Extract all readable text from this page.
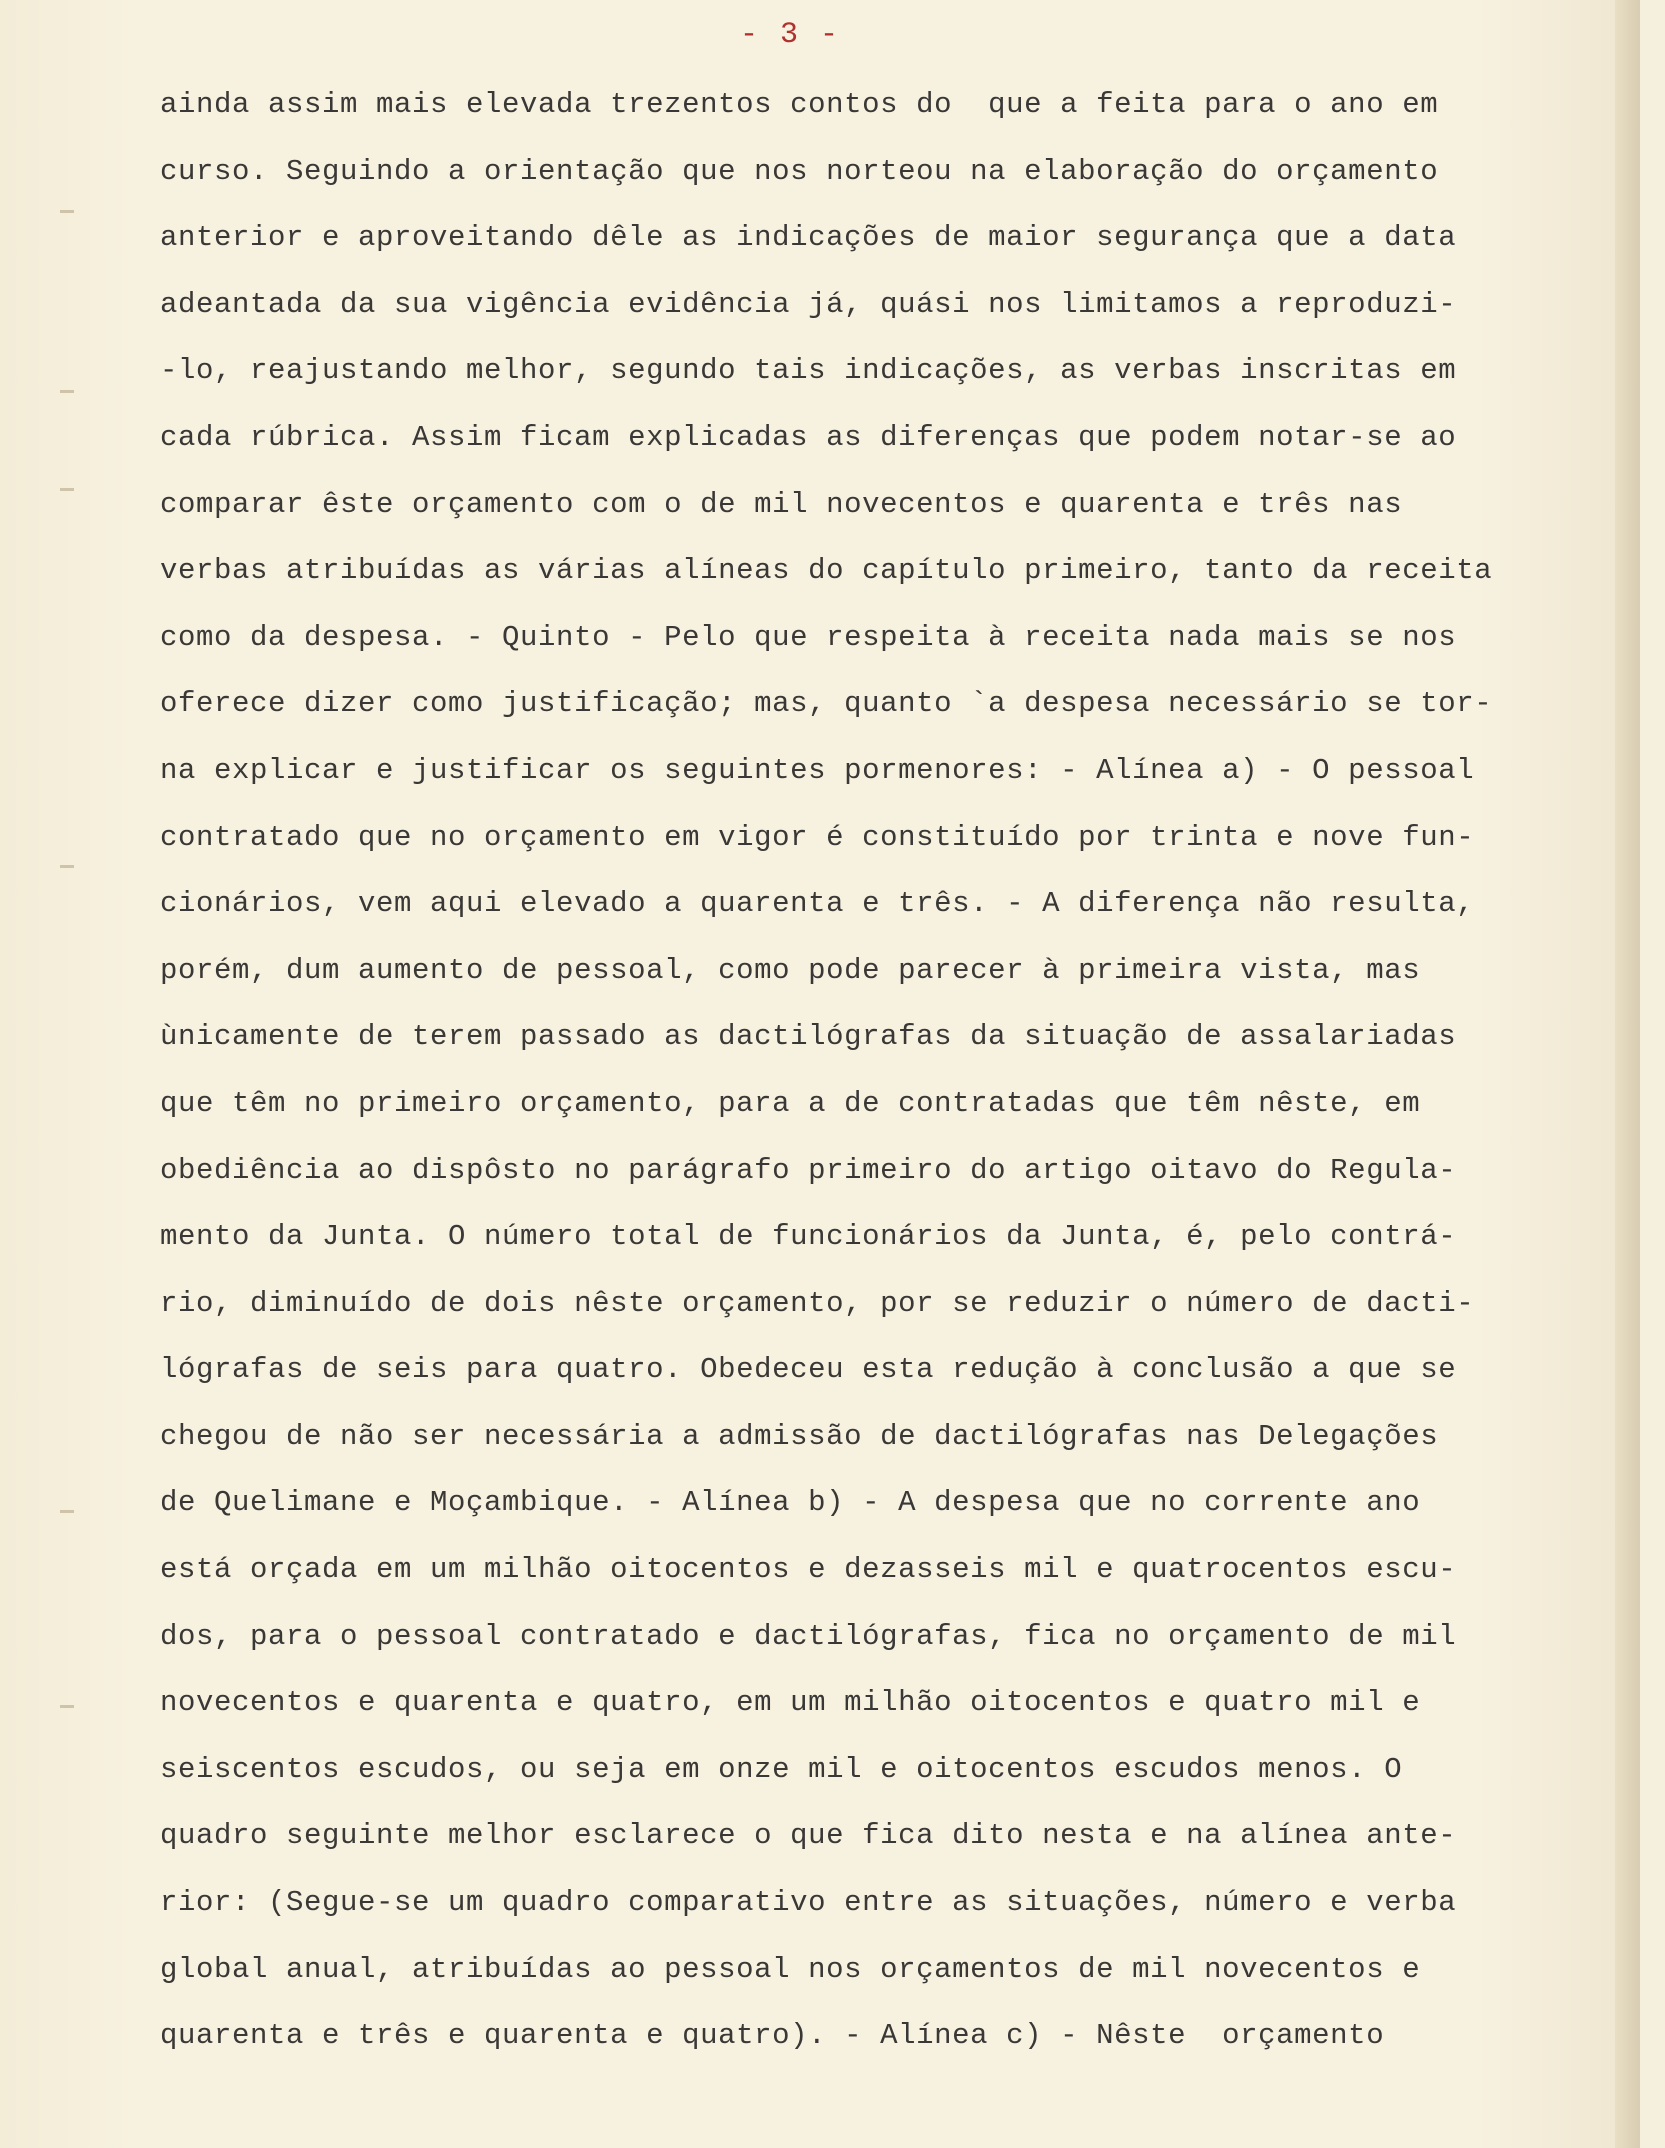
- 3 -
ainda assim mais elevada trezentos contos do  que a feita para o ano em
curso. Seguindo a orientação que nos norteou na elaboração do orçamento
anterior e aproveitando dêle as indicações de maior segurança que a data
adeantada da sua vigência evidência já, quási nos limitamos a reproduzi-
-lo, reajustando melhor, segundo tais indicações, as verbas inscritas em
cada rúbrica. Assim ficam explicadas as diferenças que podem notar-se ao
comparar êste orçamento com o de mil novecentos e quarenta e três nas
verbas atribuídas as várias alíneas do capítulo primeiro, tanto da receita
como da despesa. - Quinto - Pelo que respeita à receita nada mais se nos
oferece dizer como justificação; mas, quanto `a despesa necessário se tor-
na explicar e justificar os seguintes pormenores: - Alínea a) - O pessoal
contratado que no orçamento em vigor é constituído por trinta e nove fun-
cionários, vem aqui elevado a quarenta e três. - A diferença não resulta,
porém, dum aumento de pessoal, como pode parecer à primeira vista, mas
ùnicamente de terem passado as dactilógrafas da situação de assalariadas
que têm no primeiro orçamento, para a de contratadas que têm nêste, em
obediência ao dispôsto no parágrafo primeiro do artigo oitavo do Regula-
mento da Junta. O número total de funcionários da Junta, é, pelo contrá-
rio, diminuído de dois nêste orçamento, por se reduzir o número de dacti-
lógrafas de seis para quatro. Obedeceu esta redução à conclusão a que se
chegou de não ser necessária a admissão de dactilógrafas nas Delegações
de Quelimane e Moçambique. - Alínea b) - A despesa que no corrente ano
está orçada em um milhão oitocentos e dezasseis mil e quatrocentos escu-
dos, para o pessoal contratado e dactilógrafas, fica no orçamento de mil
novecentos e quarenta e quatro, em um milhão oitocentos e quatro mil e
seiscentos escudos, ou seja em onze mil e oitocentos escudos menos. O
quadro seguinte melhor esclarece o que fica dito nesta e na alínea ante-
rior: (Segue-se um quadro comparativo entre as situações, número e verba
global anual, atribuídas ao pessoal nos orçamentos de mil novecentos e
quarenta e três e quarenta e quatro). - Alínea c) - Nêste  orçamento
